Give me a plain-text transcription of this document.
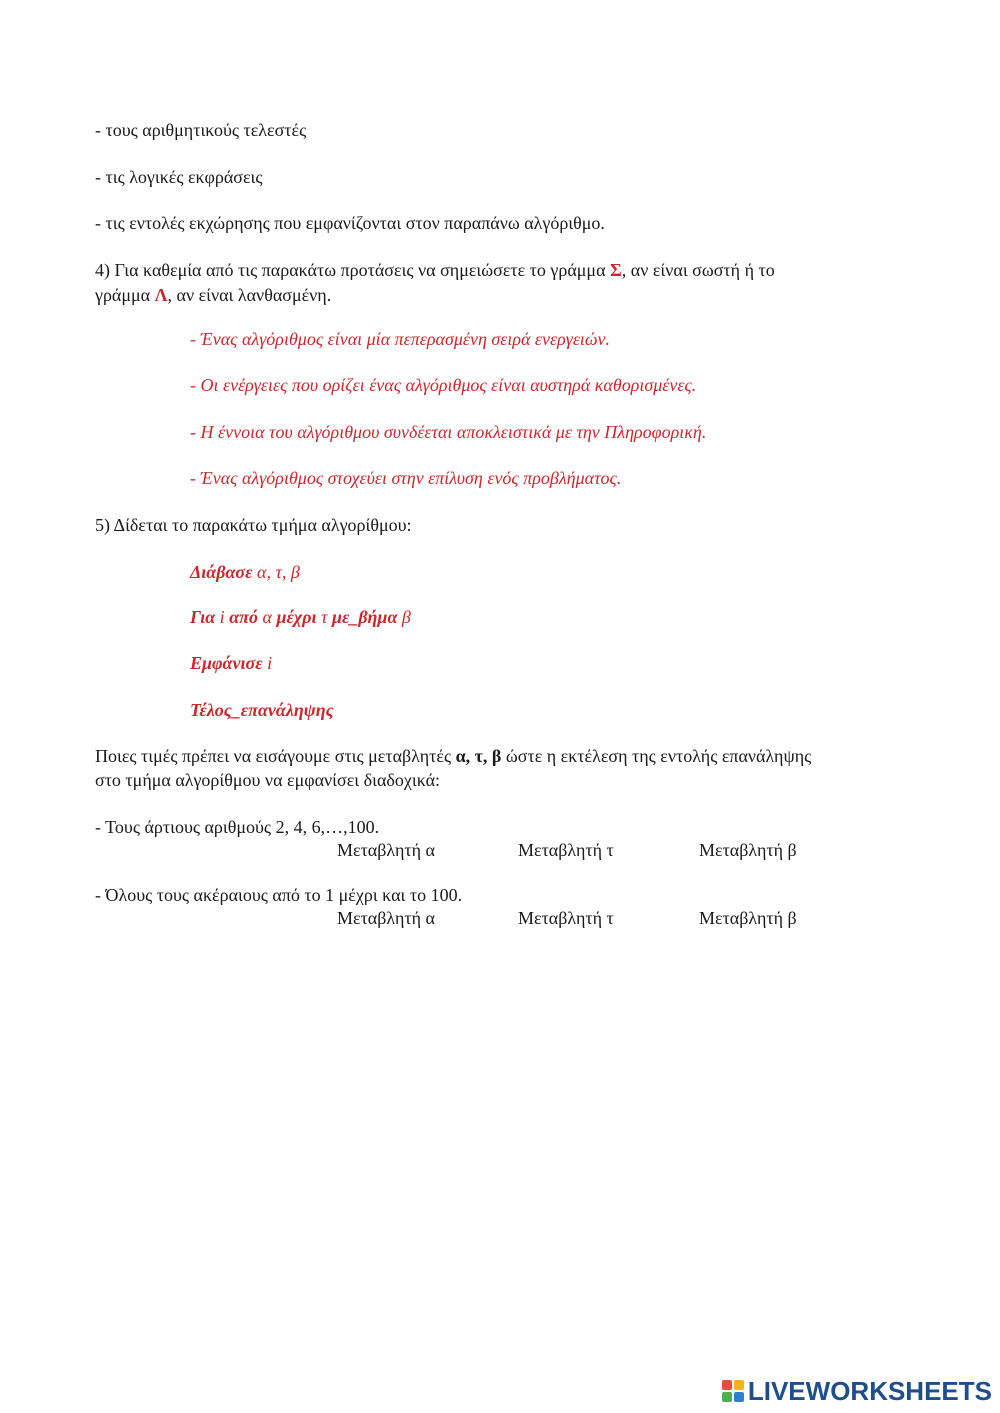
- τους αριθμητικούς τελεστές
- τις λογικές εκφράσεις
- τις εντολές εκχώρησης που εμφανίζονται στον παραπάνω αλγόριθμο.
4) Για καθεμία από τις παρακάτω προτάσεις να σημειώσετε το γράμμα Σ, αν είναι σωστή ή το
γράμμα Λ, αν είναι λανθασμένη.
- Ένας αλγόριθμος είναι μία πεπερασμένη σειρά ενεργειών.
- Οι ενέργειες που ορίζει ένας αλγόριθμος είναι αυστηρά καθορισμένες.
- Η έννοια του αλγόριθμου συνδέεται αποκλειστικά με την Πληροφορική.
- Ένας αλγόριθμος στοχεύει στην επίλυση ενός προβλήματος.
5) Δίδεται το παρακάτω τμήμα αλγορίθμου:
Διάβασε α, τ, β
Για i από α μέχρι τ με_βήμα β
Εμφάνισε i
Τέλος_επανάληψης
Ποιες τιμές πρέπει να εισάγουμε στις μεταβλητές α, τ, β ώστε η εκτέλεση της εντολής επανάληψης
στο τμήμα αλγορίθμου να εμφανίσει διαδοχικά:
- Τους άρτιους αριθμούς 2, 4, 6,…,100.
Μεταβλητή α	Μεταβλητή τ	Μεταβλητή β
- Όλους τους ακέραιους από το 1 μέχρι και το 100.
Μεταβλητή α	Μεταβλητή τ	Μεταβλητή β
LIVEWORKSHEETS
